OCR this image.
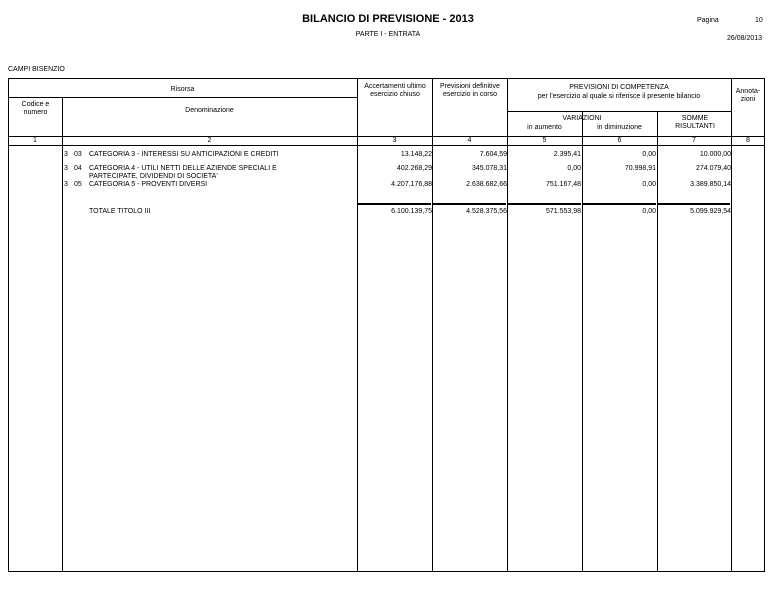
BILANCIO DI PREVISIONE - 2013
PARTE I - ENTRATA
Pagina	10
26/08/2013
CAMPI BISENZIO
Risorsa
Codice e numero	Denominazione
Accertamenti ultimo esercizio chiuso
Previsioni definitive esercizio in corso
PREVISIONI DI COMPETENZA
per l'esercizio al quale si riferisce il presente bilancio
VARIAZIONI
in aumento	in diminuzione
SOMME RISULTANTI
Annota- zioni
1	2	3	4	5	6	7	8
3 03 CATEGORIA 3 - INTERESSI SU ANTICIPAZIONI E CREDITI	13.148,22	7.604,59	2.395,41	0,00	10.000,00
3 04 CATEGORIA 4 - UTILI NETTI DELLE AZIENDE SPECIALI E
PARTECIPATE, DIVIDENDI DI SOCIETA'
402.268,29	345.078,31	0,00	70.998,91	274.079,40
3 05 CATEGORIA 5 - PROVENTI DIVERSI	4.207.176,88	2.638.682,66	751.167,48	0,00	3.389.850,14
TOTALE TITOLO III	6.100.139,75	4.528.375,56	571.553,98	0,00	5.099.929,54
